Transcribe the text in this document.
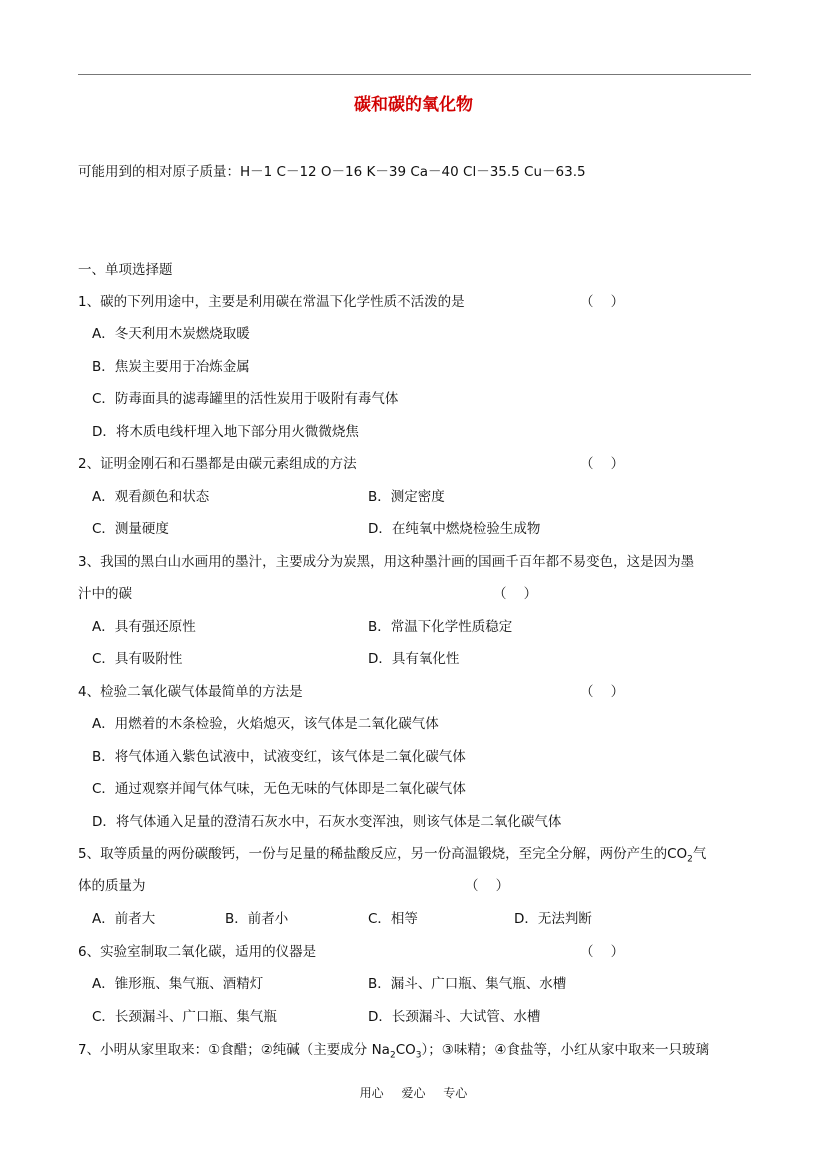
碳和碳的氧化物
可能用到的相对原子质量：H－1 C－12 O－16 K－39 Ca－40 Cl－35.5 Cu－63.5
一、单项选择题
1、碳的下列用途中，主要是利用碳在常温下化学性质不活泼的是	（    ）
A．冬天利用木炭燃烧取暖
B．焦炭主要用于冶炼金属
C．防毒面具的滤毒罐里的活性炭用于吸附有毒气体
D．将木质电线杆埋入地下部分用火微微烧焦
2、证明金刚石和石墨都是由碳元素组成的方法	（    ）
A．观看颜色和状态	B．测定密度
C．测量硬度	D．在纯氧中燃烧检验生成物
3、我国的黑白山水画用的墨汁，主要成分为炭黑，用这种墨汁画的国画千百年都不易变色，这是因为墨
汁中的碳	（    ）
A．具有强还原性	B．常温下化学性质稳定
C．具有吸附性	D．具有氧化性
4、检验二氧化碳气体最简单的方法是	（    ）
A．用燃着的木条检验，火焰熄灭，该气体是二氧化碳气体
B．将气体通入紫色试液中，试液变红，该气体是二氧化碳气体
C．通过观察并闻气体气味，无色无味的气体即是二氧化碳气体
D．将气体通入足量的澄清石灰水中，石灰水变浑浊，则该气体是二氧化碳气体
5、取等质量的两份碳酸钙，一份与足量的稀盐酸反应，另一份高温锻烧，至完全分解，两份产生的$CO_2$气
体的质量为	（    ）
A．前者大	B．前者小	C．相等	D．无法判断
6、实验室制取二氧化碳，适用的仪器是	（    ）
A．锥形瓶、集气瓶、酒精灯	B．漏斗、广口瓶、集气瓶、水槽
C．长颈漏斗、广口瓶、集气瓶	D．长颈漏斗、大试管、水槽
7、小明从家里取来：①食醋；②纯碱（主要成分 $Na_2CO_3$）；③味精；④食盐等，小红从家中取来一只玻璃
用心 爱心 专心
